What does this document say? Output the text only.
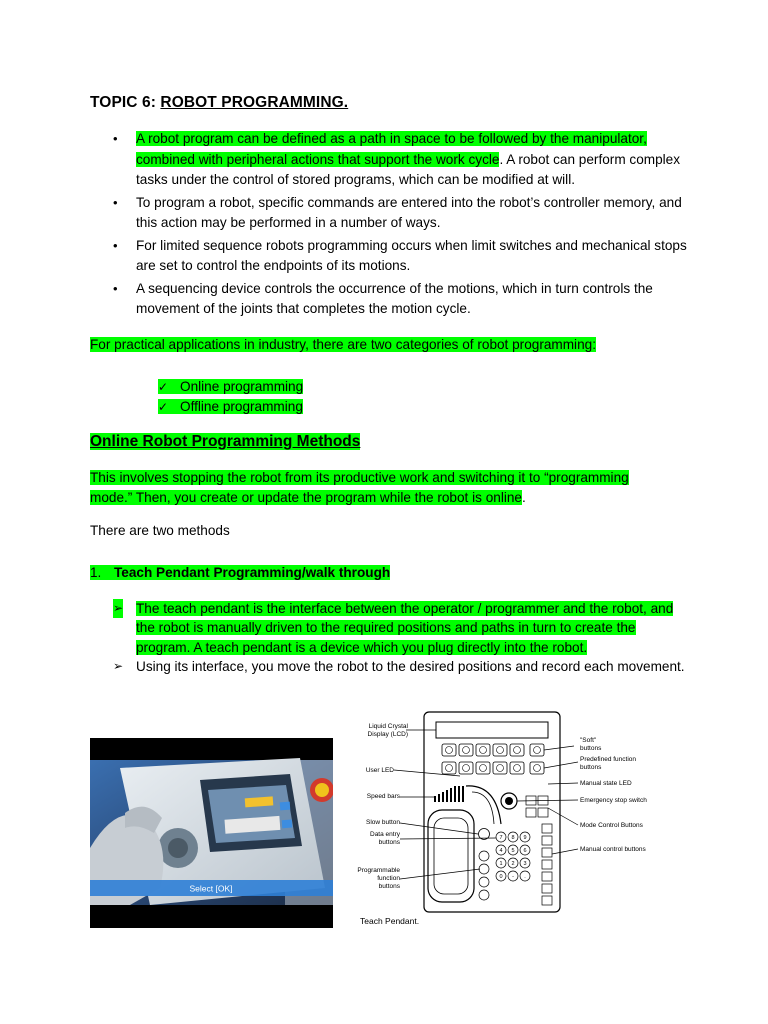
TOPIC 6: ROBOT PROGRAMMING.
• A robot program can be defined as a path in space to be followed by the manipulator, combined with peripheral actions that support the work cycle. A robot can perform complex tasks under the control of stored programs, which can be modified at will.
• To program a robot, specific commands are entered into the robot’s controller memory, and this action may be performed in a number of ways.
• For limited sequence robots programming occurs when limit switches and mechanical stops are set to control the endpoints of its motions.
• A sequencing device controls the occurrence of the motions, which in turn controls the movement of the joints that completes the motion cycle.
For practical applications in industry, there are two categories of robot programming:
✓ Online programming
✓ Offline programming
Online Robot Programming Methods
This involves stopping the robot from its productive work and switching it to “programming mode.” Then, you create or update the program while the robot is online.
There are two methods
1. Teach Pendant Programming/walk through
➢ The teach pendant is the interface between the operator / programmer and the robot, and the robot is manually driven to the required positions and paths in turn to create the program. A teach pendant is a device which you plug directly into the robot.
➢ Using its interface, you move the robot to the desired positions and record each movement.
Select [OK]
7 8 9
4 5 6
1 2 3
0 - .
Liquid Crystal
Display (LCD)
User LED
Speed bars
Slow button
Data entry
buttons
Programmable
function
buttons
"Soft"
buttons
Predefined function
buttons
Manual state LED
Emergency stop switch
Mode Control Buttons
Manual control buttons
Teach Pendant.
